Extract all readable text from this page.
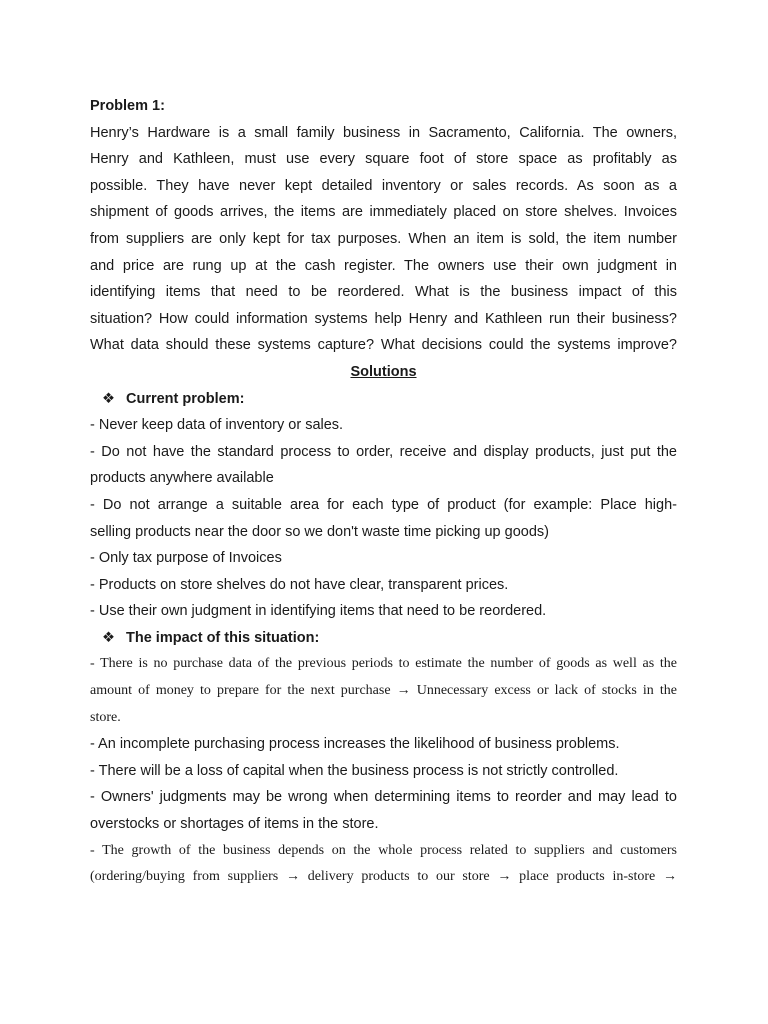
Problem 1:
Henry’s Hardware is a small family business in Sacramento, California. The owners,
Henry and Kathleen, must use every square foot of store space as profitably as
possible. They have never kept detailed inventory or sales records. As soon as a
shipment of goods arrives, the items are immediately placed on store shelves. Invoices
from suppliers are only kept for tax purposes. When an item is sold, the item number
and price are rung up at the cash register. The owners use their own judgment in
identifying items that need to be reordered. What is the business impact of this
situation? How could information systems help Henry and Kathleen run their business?
What data should these systems capture? What decisions could the systems improve?
Solutions
❖ Current problem:
- Never keep data of inventory or sales.
- Do not have the standard process to order, receive and display products, just put the
products anywhere available
- Do not arrange a suitable area for each type of product (for example: Place high-
selling products near the door so we don't waste time picking up goods)
- Only tax purpose of Invoices
- Products on store shelves do not have clear, transparent prices.
- Use their own judgment in identifying items that need to be reordered.
❖ The impact of this situation:
- There is no purchase data of the previous periods to estimate the number of goods as well as the
amount of money to prepare for the next purchase → Unnecessary excess or lack of stocks in the
store.
- An incomplete purchasing process increases the likelihood of business problems.
- There will be a loss of capital when the business process is not strictly controlled.
- Owners' judgments may be wrong when determining items to reorder and may lead to
overstocks or shortages of items in the store.
- The growth of the business depends on the whole process related to suppliers and customers
(ordering/buying from suppliers → delivery products to our store → place products in-store →
